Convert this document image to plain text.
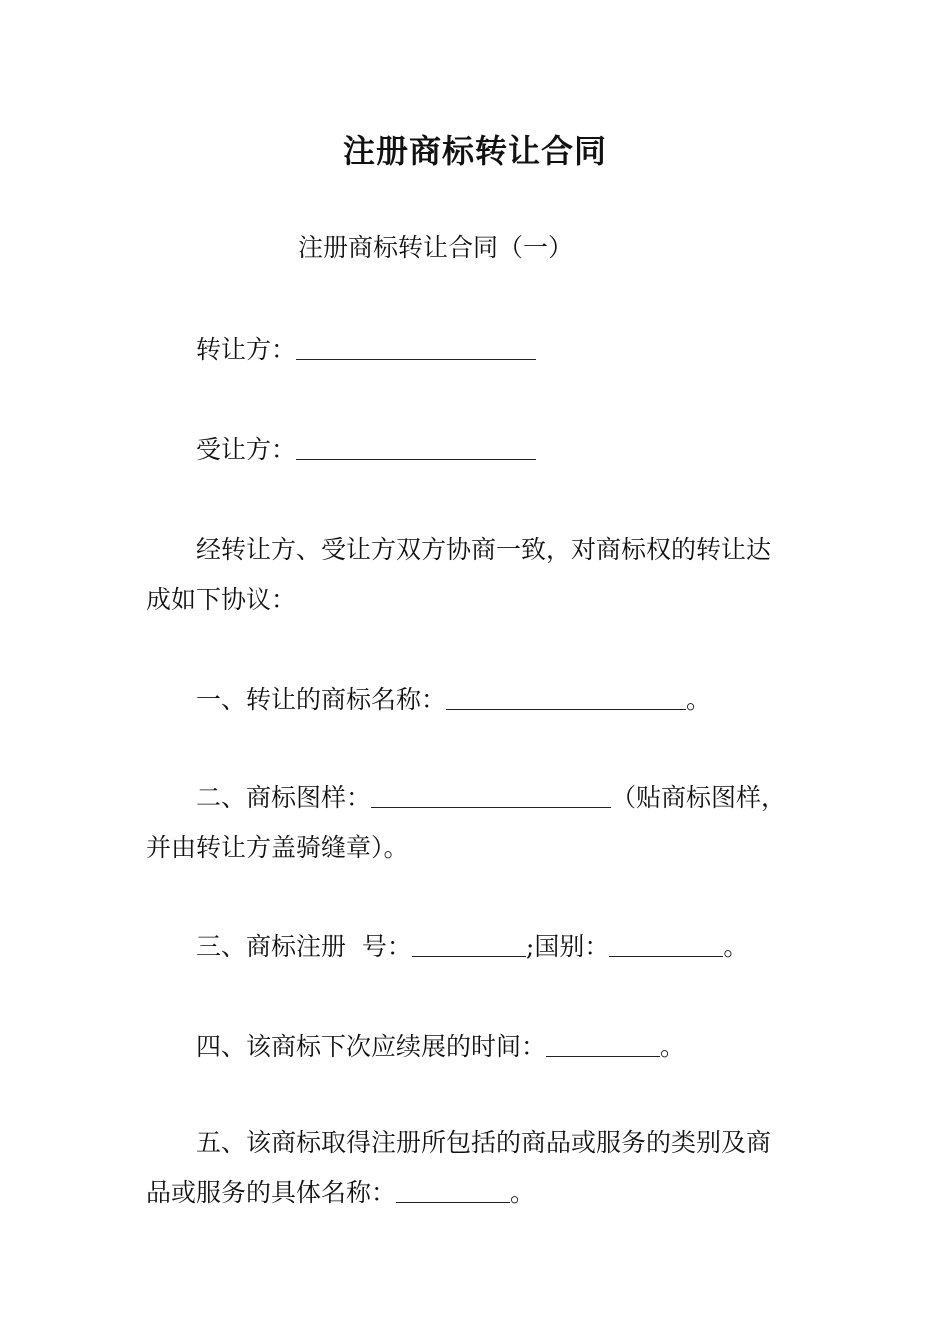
注册商标转让合同
注册商标转让合同（一）
转让方：
受让方：
经转让方、受让方双方协商一致，对商标权的转让达
成如下协议：
一、转让的商标名称：	。
二、商标图样：	（贴商标图样，
并由转让方盖骑缝章）。
三、商标注册  号：	;国别：	。
四、该商标下次应续展的时间：	。
五、该商标取得注册所包括的商品或服务的类别及商
品或服务的具体名称：	。
